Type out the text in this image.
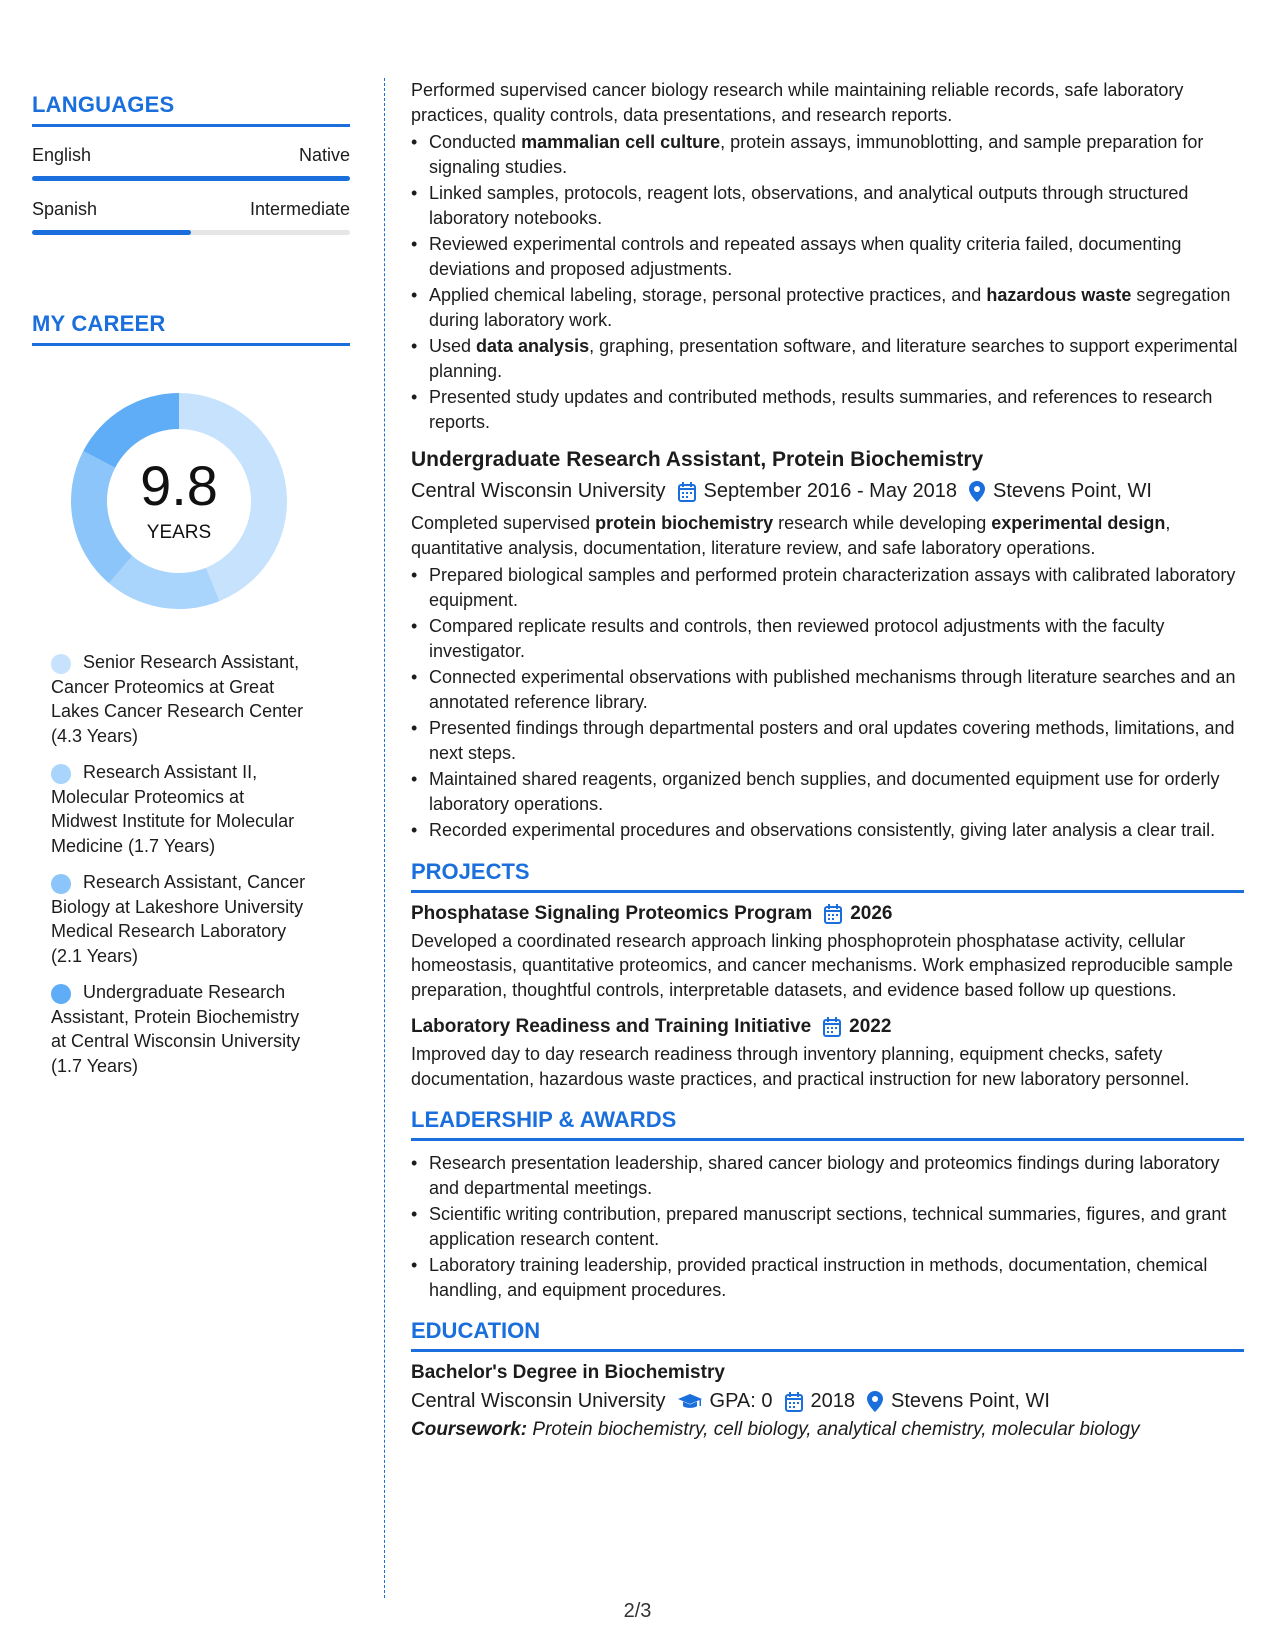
LANGUAGES
English	Native
Spanish	Intermediate
MY CAREER
9.8
YEARS
Senior Research Assistant, Cancer Proteomics at Great Lakes Cancer Research Center (4.3 Years)
Research Assistant II, Molecular Proteomics at Midwest Institute for Molecular Medicine (1.7 Years)
Research Assistant, Cancer Biology at Lakeshore University Medical Research Laboratory (2.1 Years)
Undergraduate Research Assistant, Protein Biochemistry at Central Wisconsin University (1.7 Years)
Performed supervised cancer biology research while maintaining reliable records, safe laboratory practices, quality controls, data presentations, and research reports.
• Conducted mammalian cell culture, protein assays, immunoblotting, and sample preparation for signaling studies.
• Linked samples, protocols, reagent lots, observations, and analytical outputs through structured laboratory notebooks.
• Reviewed experimental controls and repeated assays when quality criteria failed, documenting deviations and proposed adjustments.
• Applied chemical labeling, storage, personal protective practices, and hazardous waste segregation during laboratory work.
• Used data analysis, graphing, presentation software, and literature searches to support experimental planning.
• Presented study updates and contributed methods, results summaries, and references to research reports.
Undergraduate Research Assistant, Protein Biochemistry
Central Wisconsin University September 2016 - May 2018 Stevens Point, WI
Completed supervised protein biochemistry research while developing experimental design, quantitative analysis, documentation, literature review, and safe laboratory operations.
• Prepared biological samples and performed protein characterization assays with calibrated laboratory equipment.
• Compared replicate results and controls, then reviewed protocol adjustments with the faculty investigator.
• Connected experimental observations with published mechanisms through literature searches and an annotated reference library.
• Presented findings through departmental posters and oral updates covering methods, limitations, and next steps.
• Maintained shared reagents, organized bench supplies, and documented equipment use for orderly laboratory operations.
• Recorded experimental procedures and observations consistently, giving later analysis a clear trail.
PROJECTS
Phosphatase Signaling Proteomics Program 2026
Developed a coordinated research approach linking phosphoprotein phosphatase activity, cellular homeostasis, quantitative proteomics, and cancer mechanisms. Work emphasized reproducible sample preparation, thoughtful controls, interpretable datasets, and evidence based follow up questions.
Laboratory Readiness and Training Initiative 2022
Improved day to day research readiness through inventory planning, equipment checks, safety documentation, hazardous waste practices, and practical instruction for new laboratory personnel.
LEADERSHIP & AWARDS
• Research presentation leadership, shared cancer biology and proteomics findings during laboratory and departmental meetings.
• Scientific writing contribution, prepared manuscript sections, technical summaries, figures, and grant application research content.
• Laboratory training leadership, provided practical instruction in methods, documentation, chemical handling, and equipment procedures.
EDUCATION
Bachelor's Degree in Biochemistry
Central Wisconsin University GPA: 0 2018 Stevens Point, WI
Coursework: Protein biochemistry, cell biology, analytical chemistry, molecular biology
2/3
